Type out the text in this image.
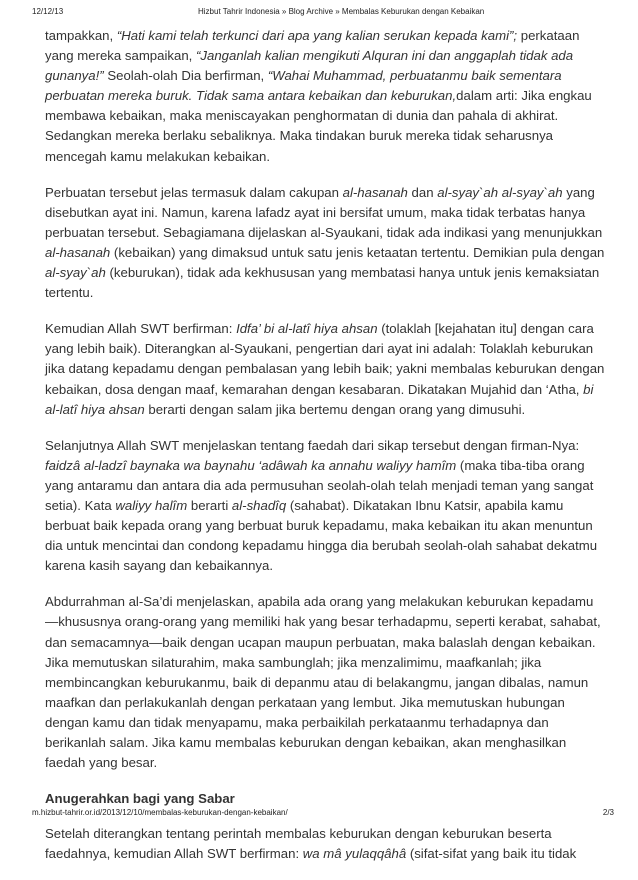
12/12/13	Hizbut Tahrir Indonesia » Blog Archive » Membalas Keburukan dengan Kebaikan

tampakkan, “Hati kami telah terkunci dari apa yang kalian serukan kepada kami”; perkataan yang mereka sampaikan, “Janganlah kalian mengikuti Alquran ini dan anggaplah tidak ada gunanya!” Seolah-olah Dia berfirman, “Wahai Muhammad, perbuatanmu baik sementara perbuatan mereka buruk. Tidak sama antara kebaikan dan keburukan,dalam arti: Jika engkau membawa kebaikan, maka meniscayakan penghormatan di dunia dan pahala di akhirat. Sedangkan mereka berlaku sebaliknya. Maka tindakan buruk mereka tidak seharusnya mencegah kamu melakukan kebaikan.

Perbuatan tersebut jelas termasuk dalam cakupan al-hasanah dan al-syay`ah al-syay`ah yang disebutkan ayat ini. Namun, karena lafadz ayat ini bersifat umum, maka tidak terbatas hanya perbuatan tersebut. Sebagiamana dijelaskan al-Syaukani, tidak ada indikasi yang menunjukkan al-hasanah (kebaikan) yang dimaksud untuk satu jenis ketaatan tertentu. Demikian pula dengan al-syay`ah (keburukan), tidak ada kekhususan yang membatasi hanya untuk jenis kemaksiatan tertentu.

Kemudian Allah SWT berfirman: Idfa’ bi al-latî hiya ahsan (tolaklah [kejahatan itu] dengan cara yang lebih baik). Diterangkan al-Syaukani, pengertian dari ayat ini adalah: Tolaklah keburukan jika datang kepadamu dengan pembalasan yang lebih baik; yakni membalas keburukan dengan kebaikan, dosa dengan maaf, kemarahan dengan kesabaran. Dikatakan Mujahid dan ‘Atha, bi al-latî hiya ahsan berarti dengan salam jika bertemu dengan orang yang dimusuhi.

Selanjutnya Allah SWT menjelaskan tentang faedah dari sikap tersebut dengan firman-Nya: faidzâ al-ladzî baynaka wa baynahu ‘adâwah ka annahu waliyy hamîm (maka tiba-tiba orang yang antaramu dan antara dia ada permusuhan seolah-olah telah menjadi teman yang sangat setia). Kata waliyy halîm berarti al-shadîq (sahabat). Dikatakan Ibnu Katsir, apabila kamu berbuat baik kepada orang yang berbuat buruk kepadamu, maka kebaikan itu akan menuntun dia untuk mencintai dan condong kepadamu hingga dia berubah seolah-olah sahabat dekatmu karena kasih sayang dan kebaikannya.

Abdurrahman al-Sa’di menjelaskan, apabila ada orang yang melakukan keburukan kepadamu —khususnya orang-orang yang memiliki hak yang besar terhadapmu, seperti kerabat, sahabat, dan semacamnya—baik dengan ucapan maupun perbuatan, maka balaslah dengan kebaikan. Jika memutuskan silaturahim, maka sambunglah; jika menzalimimu, maafkanlah; jika membincangkan keburukanmu, baik di depanmu atau di belakangmu, jangan dibalas, namun maafkan dan perlakukanlah dengan perkataan yang lembut. Jika memutuskan hubungan dengan kamu dan tidak menyapamu, maka perbaikilah perkataanmu terhadapnya dan berikanlah salam. Jika kamu membalas keburukan dengan kebaikan, akan menghasilkan faedah yang besar.

Anugerahkan bagi yang Sabar

Setelah diterangkan tentang perintah membalas keburukan dengan keburukan beserta faedahnya, kemudian Allah SWT berfirman: wa mâ yulaqqâhâ (sifat-sifat yang baik itu tidak

m.hizbut-tahrir.or.id/2013/12/10/membalas-keburukan-dengan-kebaikan/	2/3
